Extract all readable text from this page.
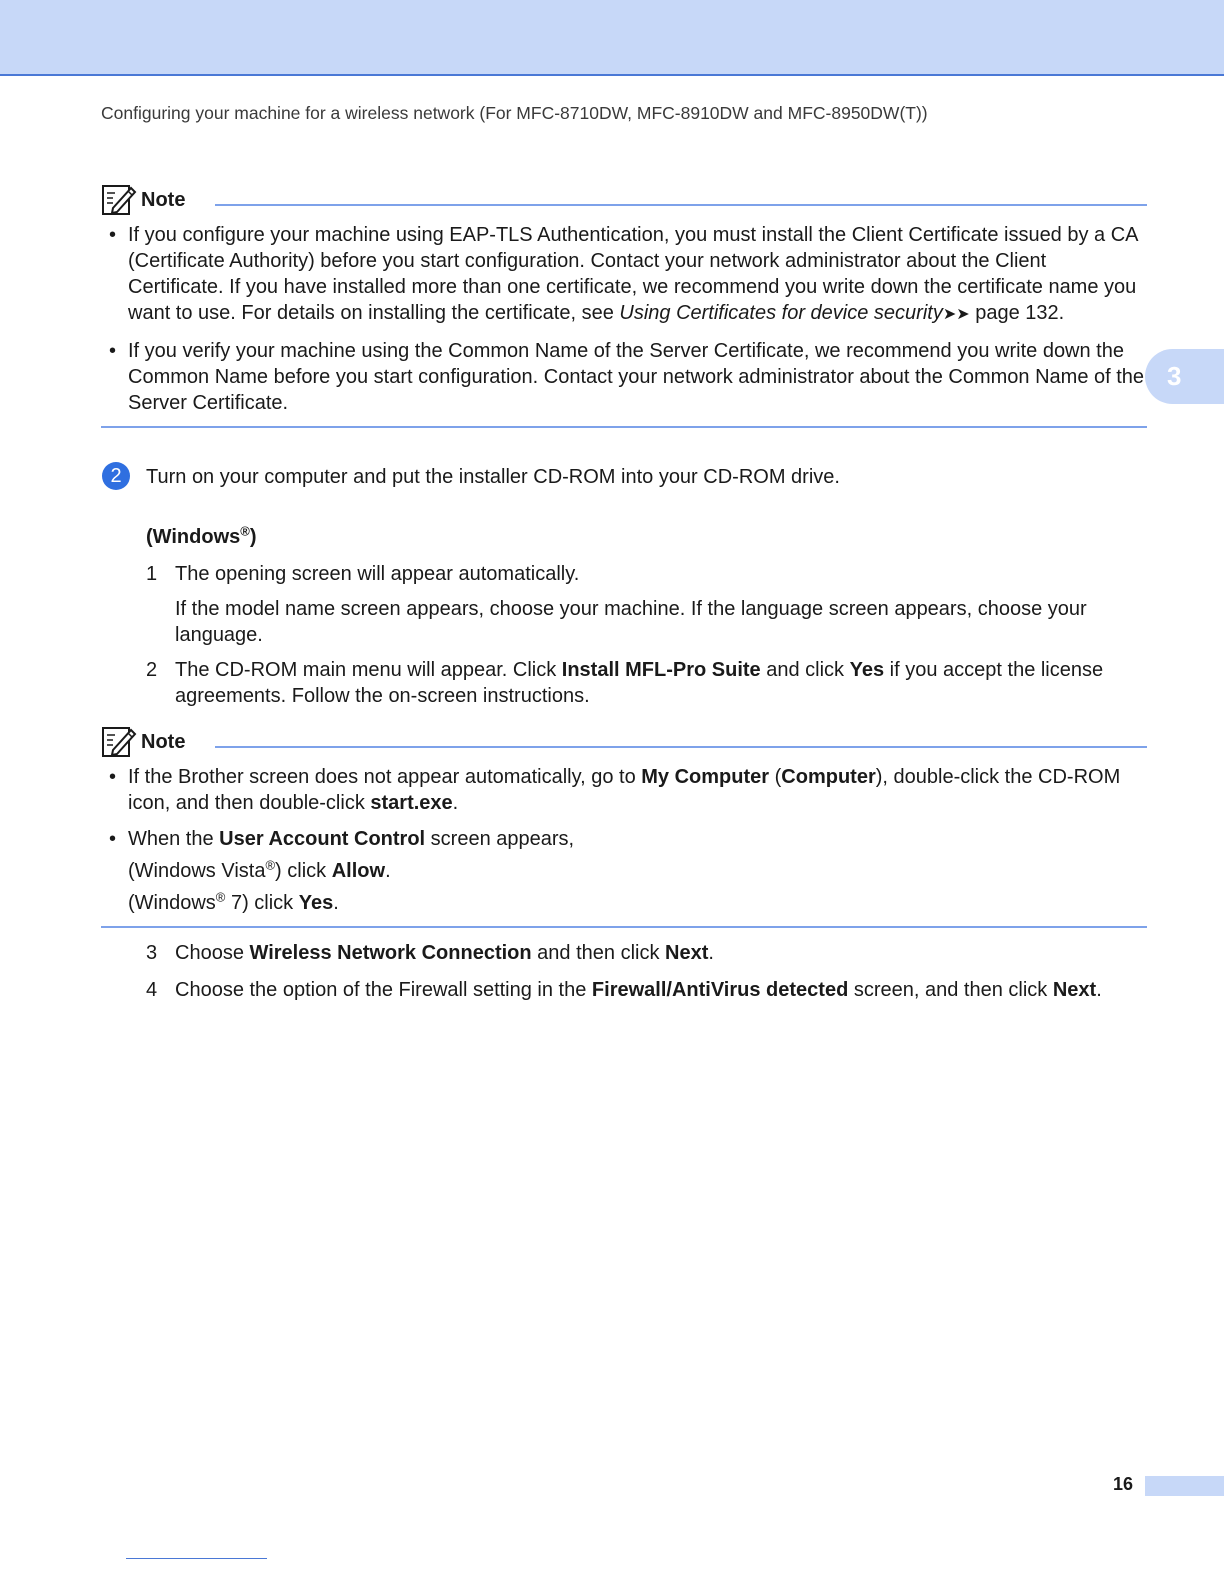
Configuring your machine for a wireless network (For MFC-8710DW, MFC-8910DW and MFC-8950DW(T))
3
Note
• If you configure your machine using EAP-TLS Authentication, you must install the Client Certificate issued by a CA (Certificate Authority) before you start configuration. Contact your network administrator about the Client Certificate. If you have installed more than one certificate, we recommend you write down the certificate name you want to use. For details on installing the certificate, see Using Certificates for device security➤➤ page 132.
• If you verify your machine using the Common Name of the Server Certificate, we recommend you write down the Common Name before you start configuration. Contact your network administrator about the Common Name of the Server Certificate.
2	Turn on your computer and put the installer CD-ROM into your CD-ROM drive.
(Windows®)
1 The opening screen will appear automatically.
If the model name screen appears, choose your machine. If the language screen appears, choose your language.
2 The CD-ROM main menu will appear. Click Install MFL-Pro Suite and click Yes if you accept the license agreements. Follow the on-screen instructions.
Note
• If the Brother screen does not appear automatically, go to My Computer (Computer), double-click the CD-ROM icon, and then double-click start.exe.
• When the User Account Control screen appears,
(Windows Vista®) click Allow.
(Windows® 7) click Yes.
3 Choose Wireless Network Connection and then click Next.
4 Choose the option of the Firewall setting in the Firewall/AntiVirus detected screen, and then click Next.
16
